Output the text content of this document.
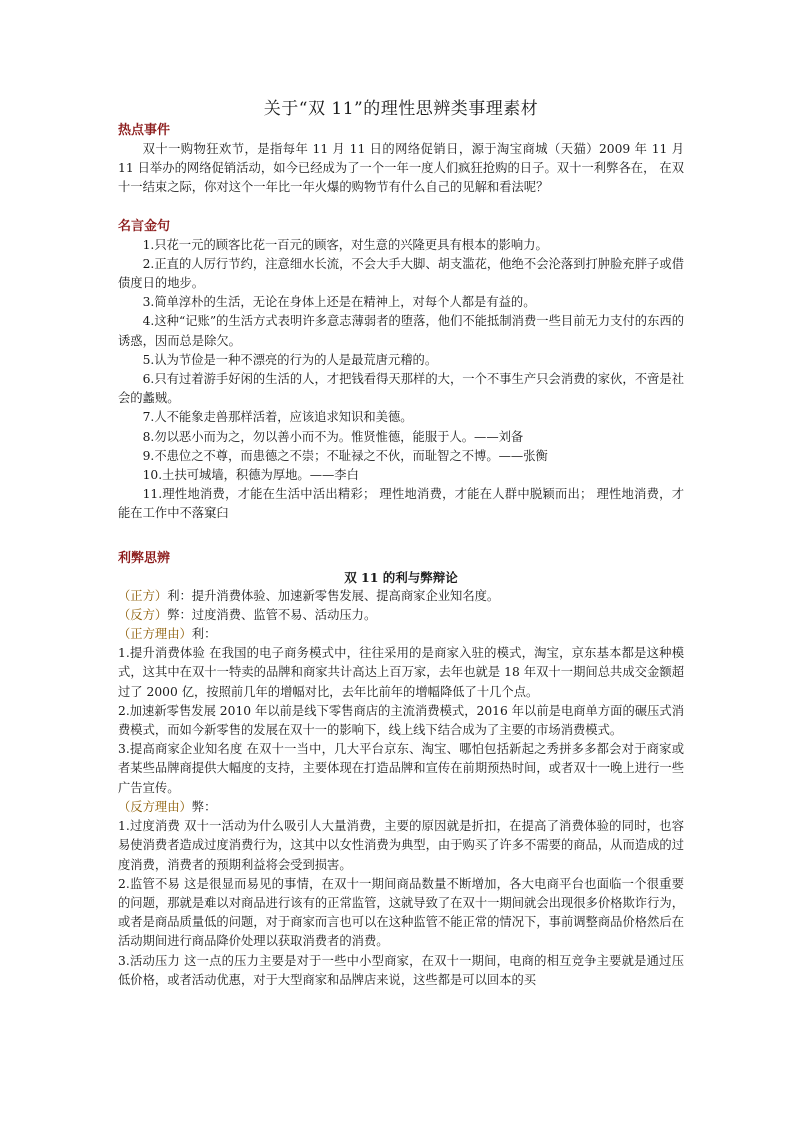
关于“双 11”的理性思辨类事理素材
热点事件

双十一购物狂欢节，是指每年 11 月 11 日的网络促销日，源于淘宝商城（天猫）2009 年 11 月 11 日举办的网络促销活动，如今已经成为了一个一年一度人们疯狂抢购的日子。双十一利弊各在， 在双十一结束之际，你对这个一年比一年火爆的购物节有什么自己的见解和看法呢？

名言金句

1.只花一元的顾客比花一百元的顾客，对生意的兴隆更具有根本的影响力。

2.正直的人厉行节约，注意细水长流，不会大手大脚、胡支滥花，他绝不会沦落到打肿脸充胖子或借债度日的地步。

3.简单淳朴的生活，无论在身体上还是在精神上，对每个人都是有益的。

4.这种“记账”的生活方式表明许多意志薄弱者的堕落，他们不能抵制消费一些目前无力支付的东西的诱惑，因而总是除欠。

5.认为节俭是一种不漂亮的行为的人是最荒唐元稽的。

6.只有过着游手好闲的生活的人，才把钱看得天那样的大，一个不事生产只会消费的家伙，不啻是社会的蠡贼。

7.人不能象走兽那样活着，应该追求知识和美德。

8.勿以恶小而为之，勿以善小而不为。惟贤惟德，能服于人。——刘备

9.不患位之不尊，而患德之不崇；不耻禄之不伙，而耻智之不博。——张衡

10.土扶可城墙，积德为厚地。——李白

11.理性地消费，才能在生活中活出精彩； 理性地消费，才能在人群中脱颖而出； 理性地消费，才能在工作中不落窠臼

利弊思辨
双 11 的利与弊辩论

（正方）利：提升消费体验、加速新零售发展、提高商家企业知名度。

（反方）弊：过度消费、监管不易、活动压力。

（正方理由）利：

1.提升消费体验 在我国的电子商务模式中，往往采用的是商家入驻的模式，淘宝，京东基本都是这种模式，这其中在双十一特卖的品牌和商家共计高达上百万家，去年也就是 18 年双十一期间总共成交金额超过了 2000 亿，按照前几年的增幅对比，去年比前年的增幅降低了十几个点。

2.加速新零售发展 2010 年以前是线下零售商店的主流消费模式，2016 年以前是电商单方面的碾压式消费模式，而如今新零售的发展在双十一的影响下，线上线下结合成为了主要的市场消费模式。

3.提高商家企业知名度 在双十一当中，几大平台京东、淘宝、哪怕包括新起之秀拼多多都会对于商家或者某些品牌商提供大幅度的支持，主要体现在打造品牌和宣传在前期预热时间，或者双十一晚上进行一些广告宣传。

（反方理由）弊：

1.过度消费 双十一活动为什么吸引人大量消费，主要的原因就是折扣，在提高了消费体验的同时，也容易使消费者造成过度消费行为，这其中以女性消费为典型，由于购买了许多不需要的商品，从而造成的过度消费，消费者的预期利益将会受到损害。

2.监管不易 这是很显而易见的事情，在双十一期间商品数量不断增加，各大电商平台也面临一个很重要的问题，那就是难以对商品进行该有的正常监管，这就导致了在双十一期间就会出现很多价格欺诈行为，或者是商品质量低的问题，对于商家而言也可以在这种监管不能正常的情况下，事前调整商品价格然后在活动期间进行商品降价处理以获取消费者的消费。

3.活动压力 这一点的压力主要是对于一些中小型商家，在双十一期间，电商的相互竞争主要就是通过压低价格，或者活动优惠，对于大型商家和品牌店来说，这些都是可以回本的买
